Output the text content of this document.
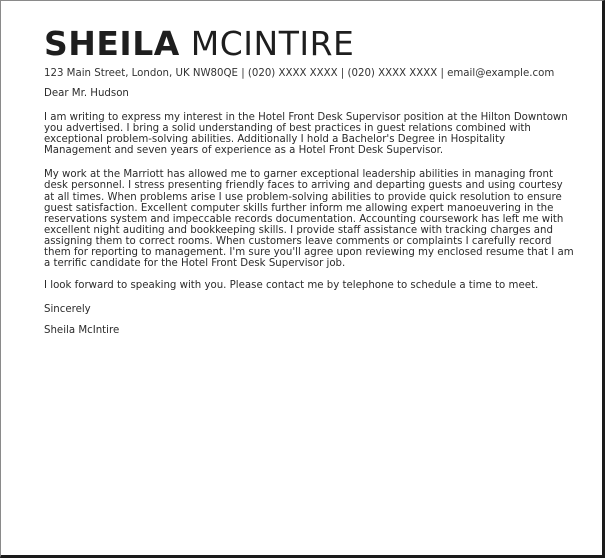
SHEILA MCINTIRE
123 Main Street, London, UK NW80QE | (020) XXXX XXXX | (020) XXXX XXXX | email@example.com
Dear Mr. Hudson

I am writing to express my interest in the Hotel Front Desk Supervisor position at the Hilton Downtown you advertised. I bring a solid understanding of best practices in guest relations combined with exceptional problem-solving abilities. Additionally I hold a Bachelor's Degree in Hospitality Management and seven years of experience as a Hotel Front Desk Supervisor.

My work at the Marriott has allowed me to garner exceptional leadership abilities in managing front desk personnel. I stress presenting friendly faces to arriving and departing guests and using courtesy at all times. When problems arise I use problem-solving abilities to provide quick resolution to ensure guest satisfaction. Excellent computer skills further inform me allowing expert manoeuvering in the reservations system and impeccable records documentation. Accounting coursework has left me with excellent night auditing and bookkeeping skills. I provide staff assistance with tracking charges and assigning them to correct rooms. When customers leave comments or complaints I carefully record them for reporting to management. I'm sure you'll agree upon reviewing my enclosed resume that I am a terrific candidate for the Hotel Front Desk Supervisor job.

I look forward to speaking with you. Please contact me by telephone to schedule a time to meet.

Sincerely
Sheila McIntire
